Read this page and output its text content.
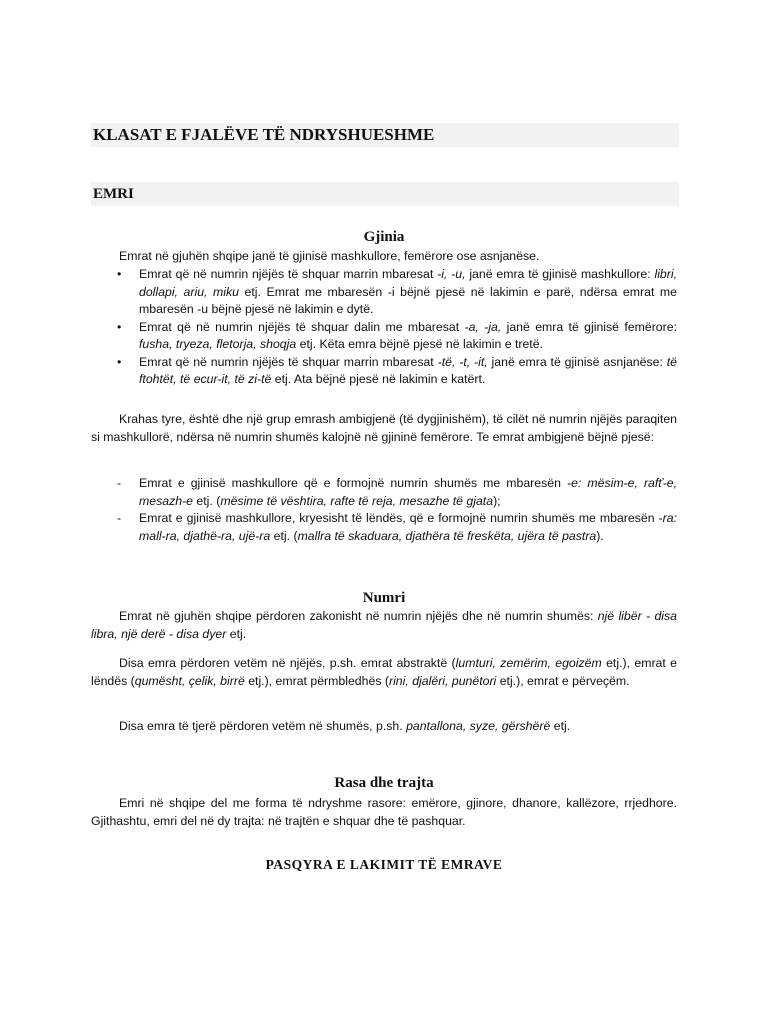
KLASAT E FJALËVE TË NDRYSHUESHME
EMRI
Gjinia

Emrat në gjuhën shqipe janë të gjinisë mashkullore, femërore ose asnjanëse.

• Emrat që në numrin njëjës të shquar marrin mbaresat -i, -u, janë emra të gjinisë mashkullore: libri, dollapi, ariu, miku etj. Emrat me mbaresën -i bëjnë pjesë në lakimin e parë, ndërsa emrat me mbaresën -u bëjnë pjesë në lakimin e dytë.
• Emrat që në numrin njëjës të shquar dalin me mbaresat -a, -ja, janë emra të gjinisë femërore: fusha, tryeza, fletorja, shoqja etj. Këta emra bëjnë pjesë në lakimin e tretë.
• Emrat që në numrin njëjës të shquar marrin mbaresat -të, -t, -it, janë emra të gjinisë asnjanëse: të ftohtët, të ecur-it, të zi-të etj. Ata bëjnë pjesë në lakimin e katërt.

Krahas tyre, është dhe një grup emrash ambigjenë (të dygjinishëm), të cilët në numrin njëjës paraqiten si mashkullorë, ndërsa në numrin shumës kalojnë në gjininë femërore. Te emrat ambigjenë bëjnë pjesë:

- Emrat e gjinisë mashkullore që e formojnë numrin shumës me mbaresën -e: mësim-e, rafť-e, mesazh-e etj. (mësime të vështira, rafte të reja, mesazhe të gjata);
- Emrat e gjinisë mashkullore, kryesisht të lëndës, që e formojnë numrin shumës me mbaresën -ra: mall-ra, djathë-ra, ujë-ra etj. (mallra të skaduara, djathëra të freskëta, ujëra të pastra).
Numri

Emrat në gjuhën shqipe përdoren zakonisht në numrin njëjës dhe në numrin shumës: një libër - disa libra, një derë - disa dyer etj.

Disa emra përdoren vetëm në njëjës, p.sh. emrat abstraktë (lumturi, zemërim, egoizëm etj.), emrat e lëndës (qumësht, çelik, birrë etj.), emrat përmbledhës (rini, djalëri, punëtori etj.), emrat e përveçëm.

Disa emra të tjerë përdoren vetëm në shumës, p.sh. pantallona, syze, gërshërë etj.

Rasa dhe trajta

Emri në shqipe del me forma të ndryshme rasore: emërore, gjinore, dhanore, kallëzore, rrjedhore. Gjithashtu, emri del në dy trajta: në trajtën e shquar dhe të pashquar.

PASQYRA E LAKIMIT TË EMRAVE
